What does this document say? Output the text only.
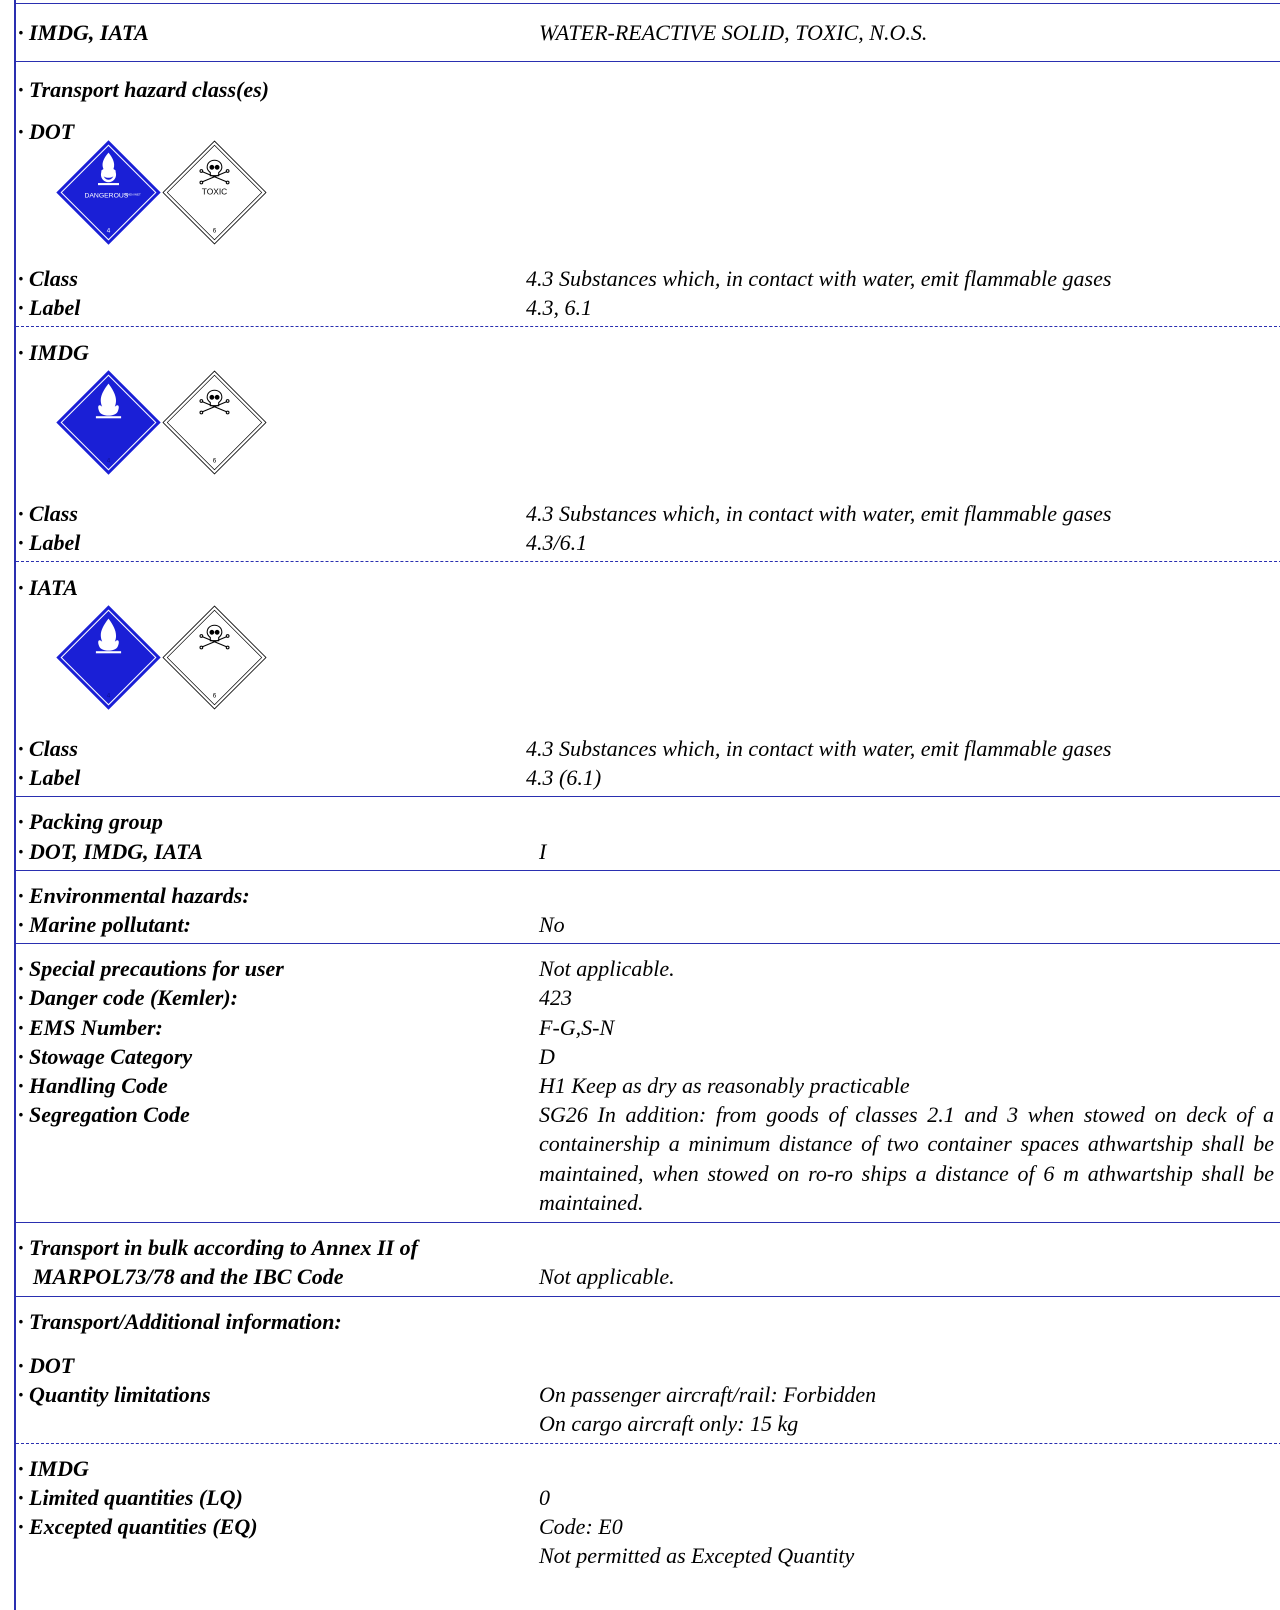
· IMDG, IATA	WATER-REACTIVE SOLID, TOXIC, N.O.S.
· Transport hazard class(es)
· DOT
DANGEROUS
WHEN WET
4
TOXIC
6
· Class	4.3 Substances which, in contact with water, emit flammable gases
· Label	4.3, 6.1
· IMDG
4	6
· Class	4.3 Substances which, in contact with water, emit flammable gases
· Label	4.3/6.1
· IATA
4	6
· Class	4.3 Substances which, in contact with water, emit flammable gases
· Label	4.3 (6.1)
· Packing group
· DOT, IMDG, IATA	I
· Environmental hazards:
· Marine pollutant:	No
· Special precautions for user	Not applicable.
· Danger code (Kemler):	423
· EMS Number:	F-G,S-N
· Stowage Category	D
· Handling Code	H1 Keep as dry as reasonably practicable
· Segregation Code	SG26 In addition: from goods of classes 2.1 and 3 when stowed on deck of a containership a minimum distance of two container spaces athwartship shall be maintained, when stowed on ro-ro ships a distance of 6 m athwartship shall be maintained.
· Transport in bulk according to Annex II of
MARPOL73/78 and the IBC Code	Not applicable.
· Transport/Additional information:
· DOT
· Quantity limitations	On passenger aircraft/rail: Forbidden
On cargo aircraft only: 15 kg
· IMDG
· Limited quantities (LQ)	0
· Excepted quantities (EQ)	Code: E0
Not permitted as Excepted Quantity
